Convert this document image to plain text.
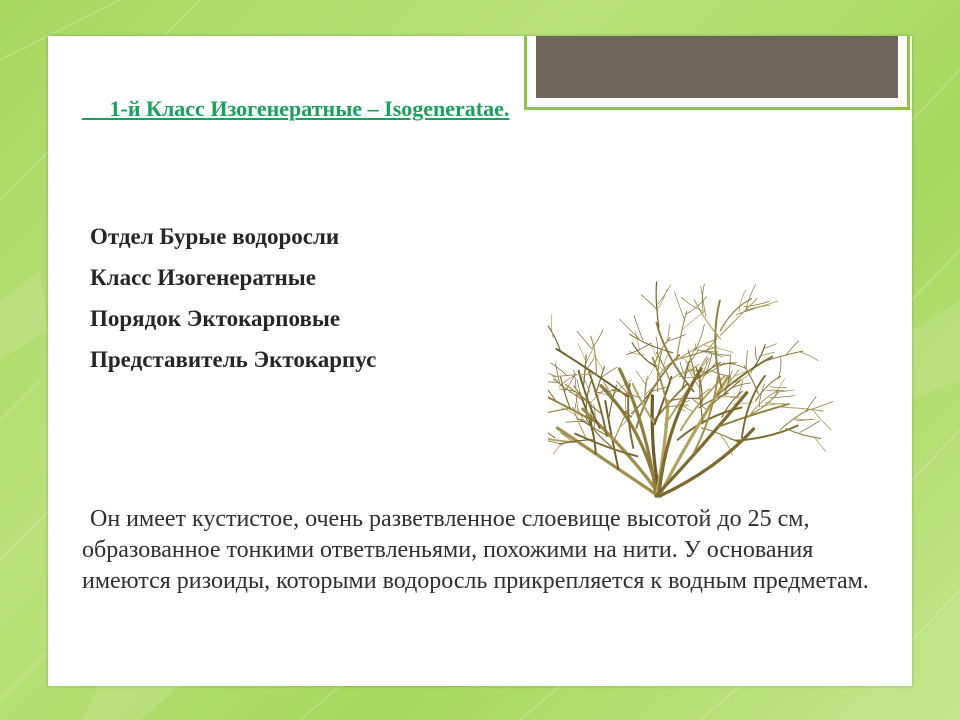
1-й Класс Изогенератные – Isogeneratae.

Отдел Бурые водоросли
Класс Изогенератные
Порядок Эктокарповые
Представитель Эктокарпус

Он имеет кустистое, очень разветвленное слоевище высотой до 25 см, образованное тонкими ответвленьями, похожими на нити. У основания имеются ризоиды, которыми водоросль прикрепляется к водным предметам.
